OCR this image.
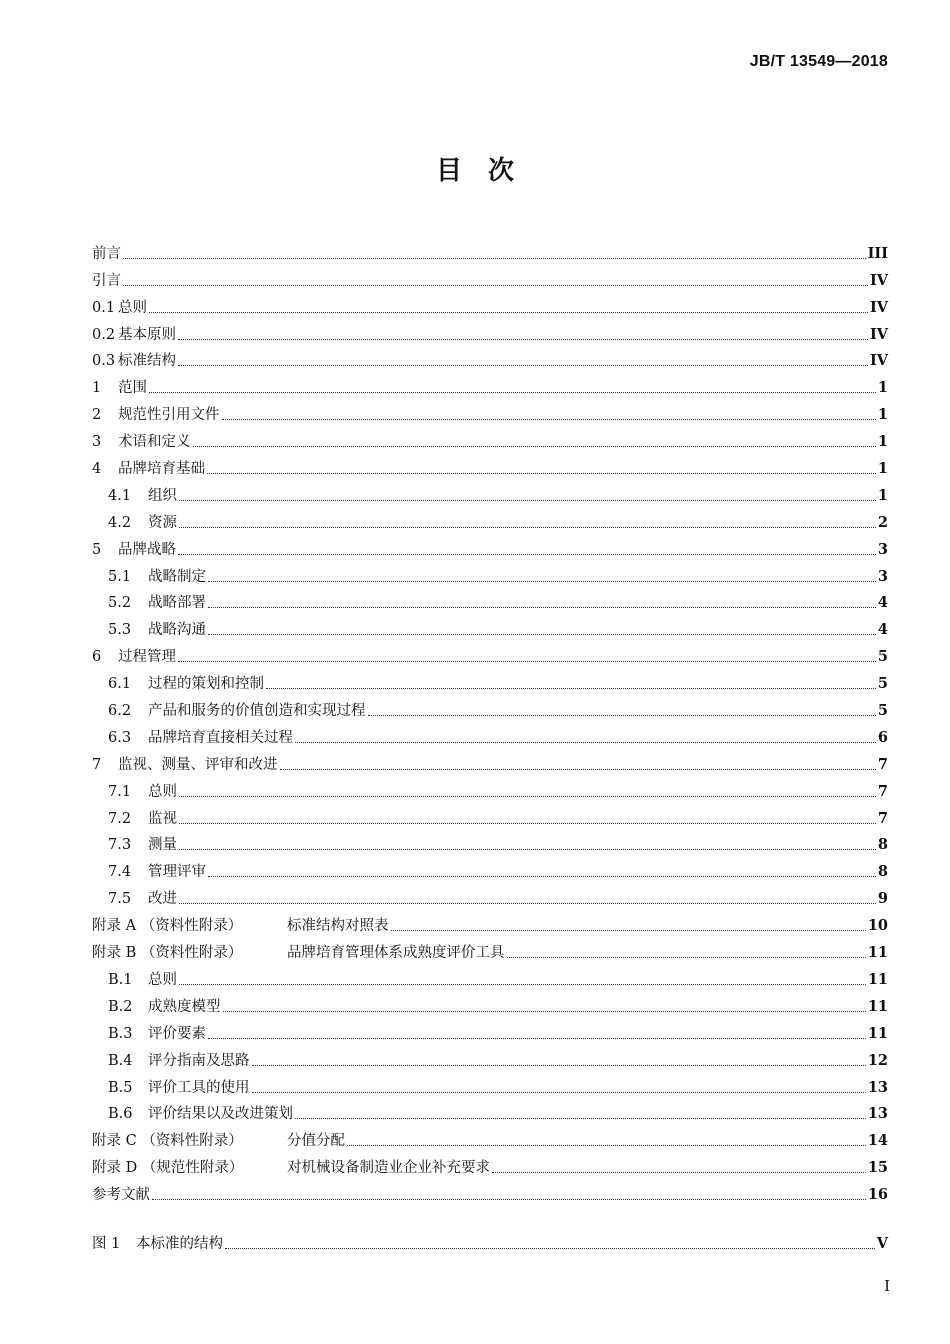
JB/T 13549—2018
目　次
前言	III
引言	IV
0.1 总则	IV
0.2 基本原则	IV
0.3 标准结构	IV
1	范围	1
2	规范性引用文件	1
3	术语和定义	1
4	品牌培育基础	1
4.1	组织	1
4.2	资源	2
5	品牌战略	3
5.1	战略制定	3
5.2	战略部署	4
5.3	战略沟通	4
6	过程管理	5
6.1	过程的策划和控制	5
6.2	产品和服务的价值创造和实现过程	5
6.3	品牌培育直接相关过程	6
7	监视、测量、评审和改进	7
7.1	总则	7
7.2	监视	7
7.3	测量	8
7.4	管理评审	8
7.5	改进	9
附录 A （资料性附录）	标准结构对照表	10
附录 B （资料性附录）	品牌培育管理体系成熟度评价工具	11
B.1	总则	11
B.2	成熟度模型	11
B.3	评价要素	11
B.4	评分指南及思路	12
B.5	评价工具的使用	13
B.6	评价结果以及改进策划	13
附录 C （资料性附录）	分值分配	14
附录 D （规范性附录）	对机械设备制造业企业补充要求	15
参考文献	16
图 1	本标准的结构	V
I
